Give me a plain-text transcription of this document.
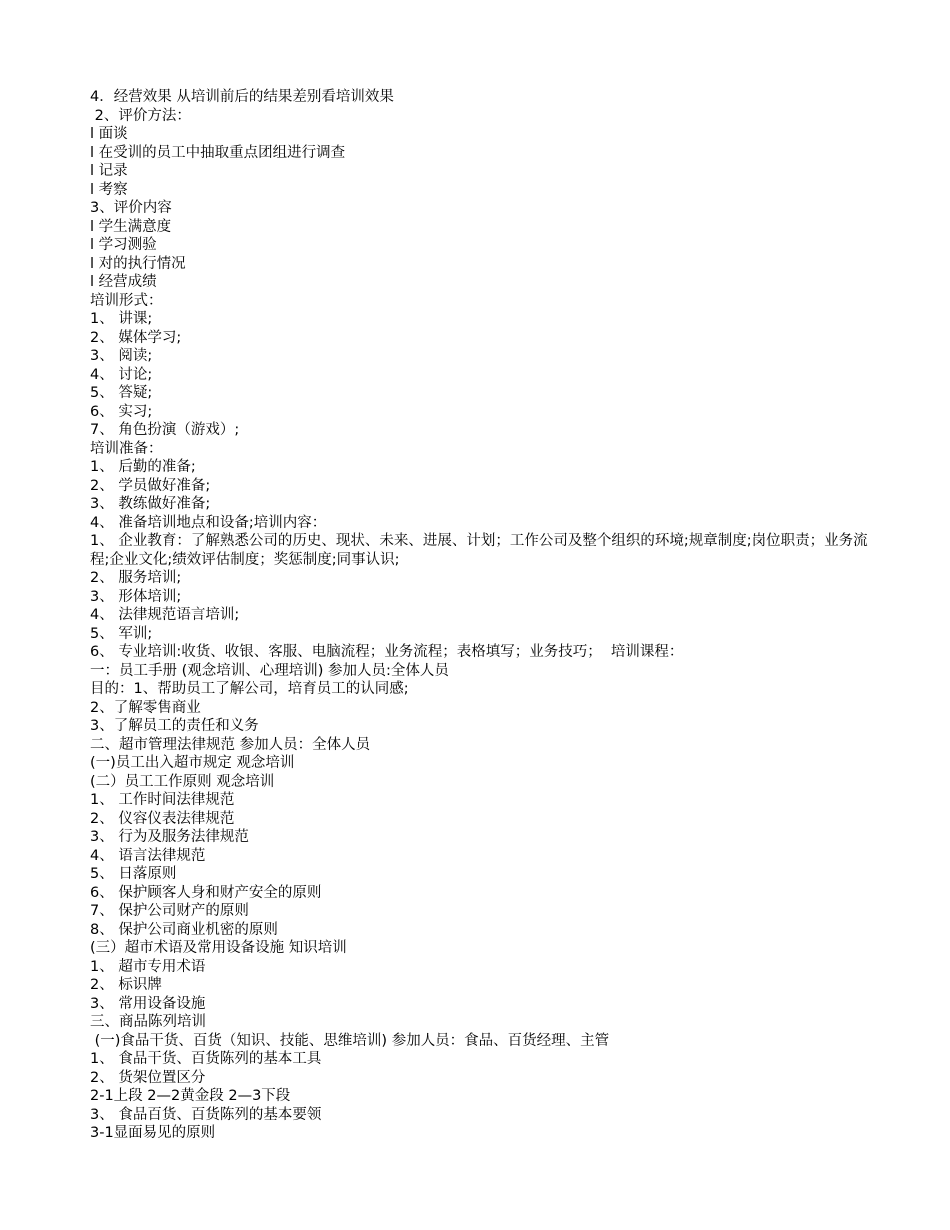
4．经营效果 从培训前后的结果差别看培训效果

2、评价方法：

l 面谈

l 在受训的员工中抽取重点团组进行调查

l 记录

l 考察

3、评价内容

l 学生满意度

l 学习测验

l 对的执行情况

l 经营成绩

培训形式：

1、 讲课;

2、 媒体学习;

3、 阅读;

4、 讨论;

5、 答疑;

6、 实习;

7、 角色扮演（游戏）;

培训准备：

1、 后勤的准备;

2、 学员做好准备;

3、 教练做好准备;

4、 准备培训地点和设备;培训内容：

1、 企业教育：了解熟悉公司的历史、现状、未来、进展、计划；工作公司及整个组织的环境;规章制度;岗位职责；业务流程;企业文化;绩效评估制度；奖惩制度;同事认识;

2、 服务培训;

3、 形体培训;

4、 法律规范语言培训;

5、 军训;

6、 专业培训:收货、收银、客服、电脑流程；业务流程；表格填写；业务技巧；  培训课程：

一：员工手册 (观念培训、心理培训) 参加人员:全体人员

目的：1、帮助员工了解公司，培育员工的认同感;

2、了解零售商业

3、了解员工的责任和义务

二、超市管理法律规范 参加人员：全体人员

(一)员工出入超市规定 观念培训

(二）员工工作原则 观念培训

1、 工作时间法律规范

2、 仪容仪表法律规范

3、 行为及服务法律规范

4、 语言法律规范

5、 日落原则

6、 保护顾客人身和财产安全的原则

7、 保护公司财产的原则

8、 保护公司商业机密的原则

(三）超市术语及常用设备设施 知识培训

1、 超市专用术语

2、 标识牌

3、 常用设备设施

三、商品陈列培训

(一)食品干货、百货（知识、技能、思维培训) 参加人员：食品、百货经理、主管

1、 食品干货、百货陈列的基本工具

2、 货架位置区分

2-1上段 2—2黄金段 2—3下段

3、 食品百货、百货陈列的基本要领

3-1显面易见的原则
